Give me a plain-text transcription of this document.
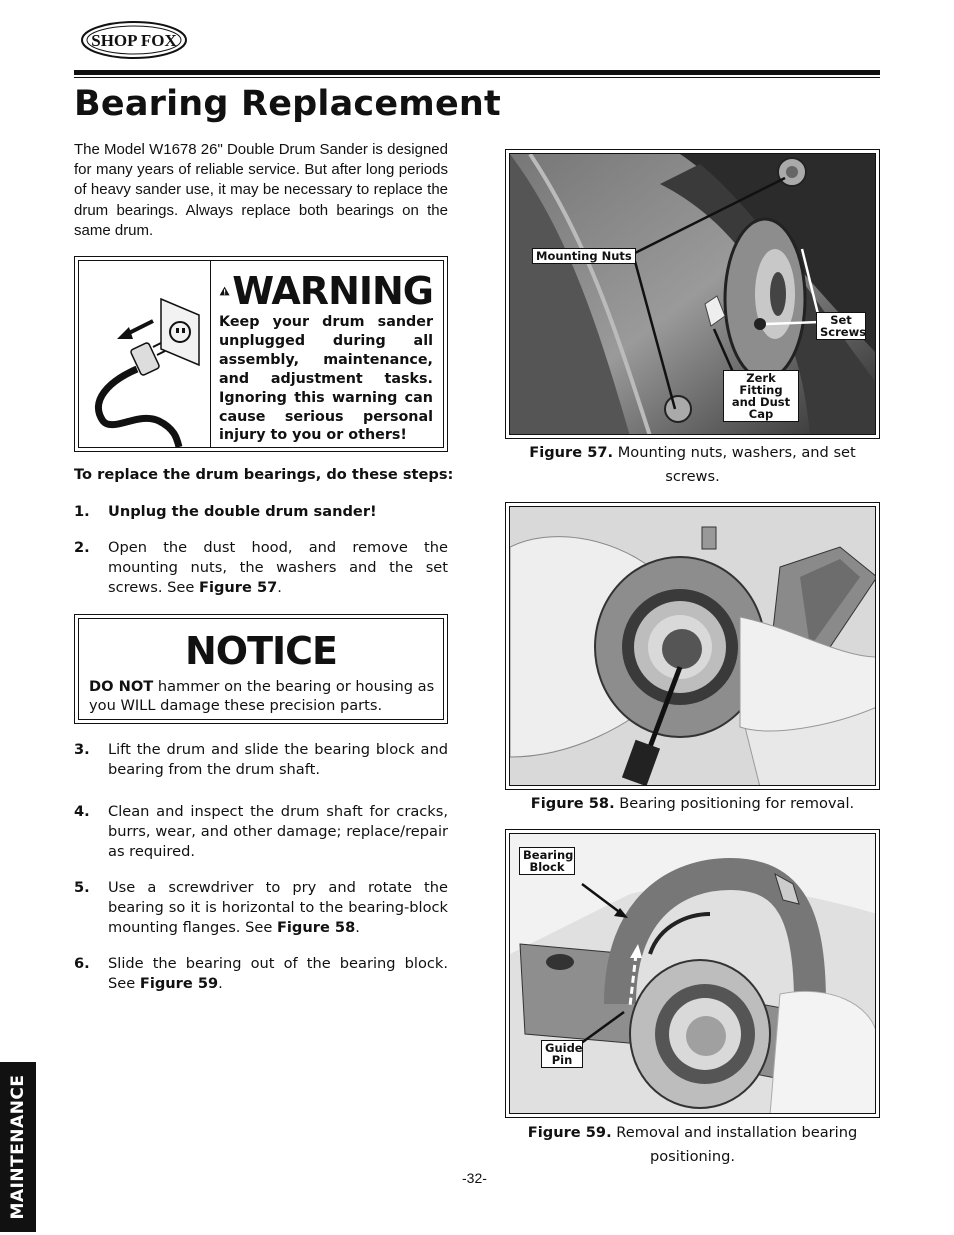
SHOP FOX
Bearing Replacement

The Model W1678 26" Double Drum Sander is designed for many years of reliable service. But after long periods of heavy sander use, it may be necessary to replace the drum bearings. Always replace both bearings on the same drum.

WARNING

Keep your drum sander unplugged during all assembly, maintenance, and adjustment tasks. Ignoring this warning can cause serious personal injury to you or others!

To replace the drum bearings, do these steps:
1. Unplug the double drum sander!
2. Open the dust hood, and remove the mounting nuts, the washers and the set screws. See Figure 57.
NOTICE

DO NOT hammer on the bearing or housing as you WILL damage these precision parts.

3. Lift the drum and slide the bearing block and bearing from the drum shaft.
4. Clean and inspect the drum shaft for cracks, burrs, wear, and other damage; replace/repair as required.
5. Use a screwdriver to pry and rotate the bearing so it is horizontal to the bearing-block mounting flanges. See Figure 58.
6. Slide the bearing out of the bearing block. See Figure 59.
Mounting Nuts
Set Screws
Zerk Fitting and Dust Cap
Figure 57. Mounting nuts, washers, and set screws.
Figure 58. Bearing positioning for removal.
Bearing Block
Guide Pin
Figure 59. Removal and installation bearing positioning.
MAINTENANCE	-32-
